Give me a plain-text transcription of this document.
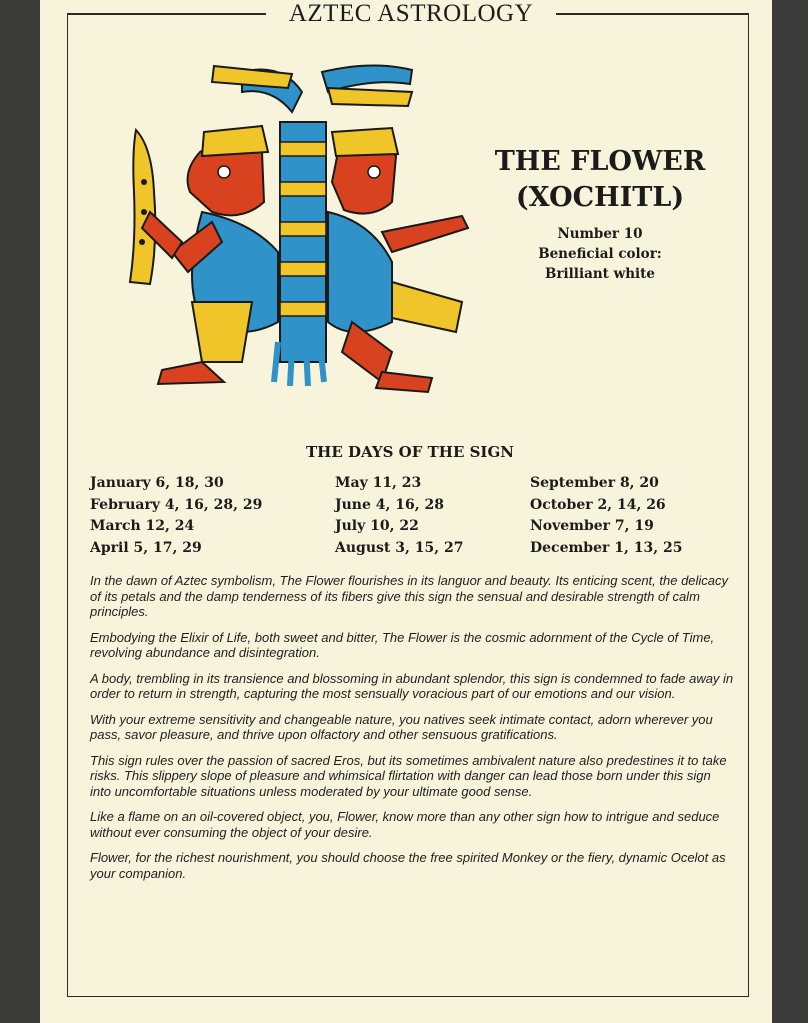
AZTEC ASTROLOGY
THE FLOWER
(XOCHITL)
Number 10
Beneficial color:
Brilliant white
THE DAYS OF THE SIGN
January 6, 18, 30
February 4, 16, 28, 29
March 12, 24
April 5, 17, 29
May 11, 23
June 4, 16, 28
July 10, 22
August 3, 15, 27
September 8, 20
October 2, 14, 26
November 7, 19
December 1, 13, 25

In the dawn of Aztec symbolism, The Flower flourishes in its languor and beauty. Its enticing scent, the delicacy of its petals and the damp tenderness of its fibers give this sign the sensual and desirable strength of calm principles.

Embodying the Elixir of Life, both sweet and bitter, The Flower is the cosmic adornment of the Cycle of Time, revolving abundance and disintegration.

A body, trembling in its transience and blossoming in abundant splendor, this sign is condemned to fade away in order to return in strength, capturing the most sensually voracious part of our emotions and our vision.

With your extreme sensitivity and changeable nature, you natives seek intimate contact, adorn wherever you pass, savor pleasure, and thrive upon olfactory and other sensuous gratifications.

This sign rules over the passion of sacred Eros, but its sometimes ambivalent nature also predestines it to take risks. This slippery slope of pleasure and whimsical flirtation with danger can lead those born under this sign into uncomfortable situations unless moderated by your ultimate good sense.

Like a flame on an oil-covered object, you, Flower, know more than any other sign how to intrigue and seduce without ever consuming the object of your desire.

Flower, for the richest nourishment, you should choose the free spirited Monkey or the fiery, dynamic Ocelot as your companion.
